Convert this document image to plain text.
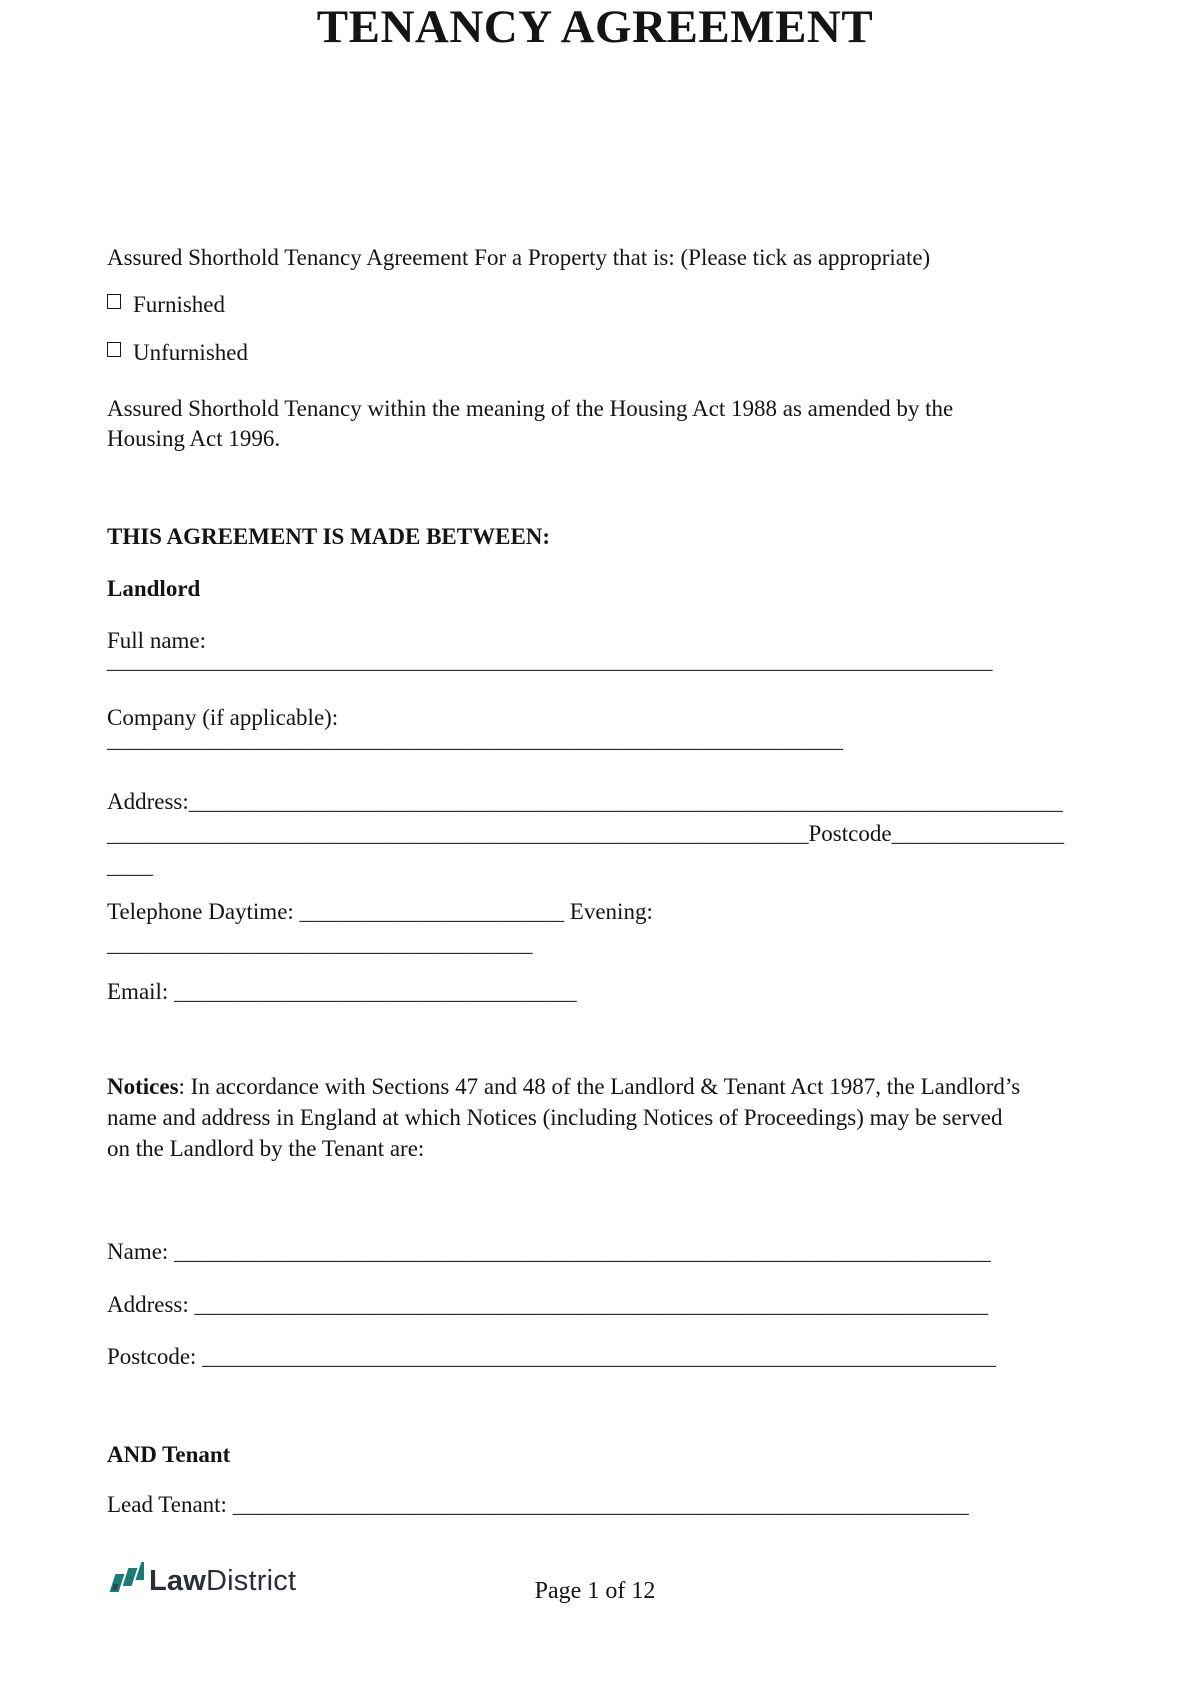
TENANCY AGREEMENT
Assured Shorthold Tenancy Agreement For a Property that is: (Please tick as appropriate)
Furnished
Unfurnished
Assured Shorthold Tenancy within the meaning of the Housing Act 1988 as amended by the
Housing Act 1996.
THIS AGREEMENT IS MADE BETWEEN:
Landlord
Full name:
_____________________________________________________________________________
Company (if applicable):
________________________________________________________________
Address:____________________________________________________________________________
_____________________________________________________________Postcode_______________
____
Telephone Daytime: _______________________ Evening:
_____________________________________
Email: ___________________________________
Notices: In accordance with Sections 47 and 48 of the Landlord & Tenant Act 1987, the Landlord’s
name and address in England at which Notices (including Notices of Proceedings) may be served
on the Landlord by the Tenant are:
Name: _______________________________________________________________________
Address: _____________________________________________________________________
Postcode: _____________________________________________________________________
AND Tenant
Lead Tenant: ________________________________________________________________
LawDistrict	Page 1 of 12
